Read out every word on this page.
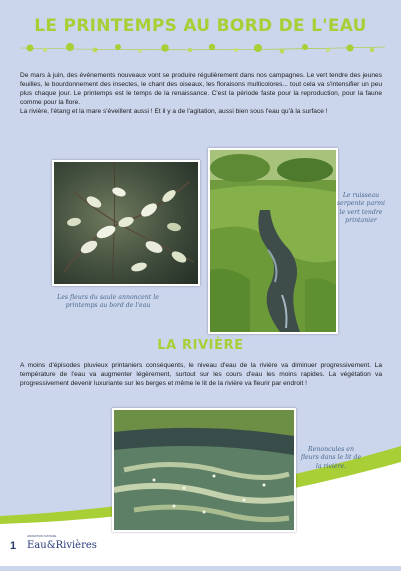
LE PRINTEMPS AU BORD DE L'EAU

De mars à juin, des événements nouveaux vont se produire régulièrement dans nos campagnes. Le vert tendre des jeunes feuilles, le bourdonnement des insectes, le chant des oiseaux, les floraisons multicolores... tout cela va s'intensifier un peu plus chaque jour. Le printemps est le temps de la renaissance. C'est la période faste pour la reproduction, pour la faune comme pour la flore.

La rivière, l'étang et la mare s'éveillent aussi ! Et il y a de l'agitation, aussi bien sous l'eau qu'à la surface !

Les fleurs du saule annoncent le printemps au bord de l'eau
Le ruisseau serpente parmi le vert tendre printanier
LA RIVIÈRE
A moins d'épisodes pluvieux printaniers conséquents, le niveau d'eau de la rivière va diminuer progressivement. La température de l'eau va augmenter légèrement, surtout sur les cours d'eau les moins rapides. La végétation va progressivement devenir luxuriante sur les berges et même le lit de la rivière va fleurir par endroit !
Renoncules en fleurs dans le lit de la rivière.
1
ANIMATION NATURE
Eau&Rivières
